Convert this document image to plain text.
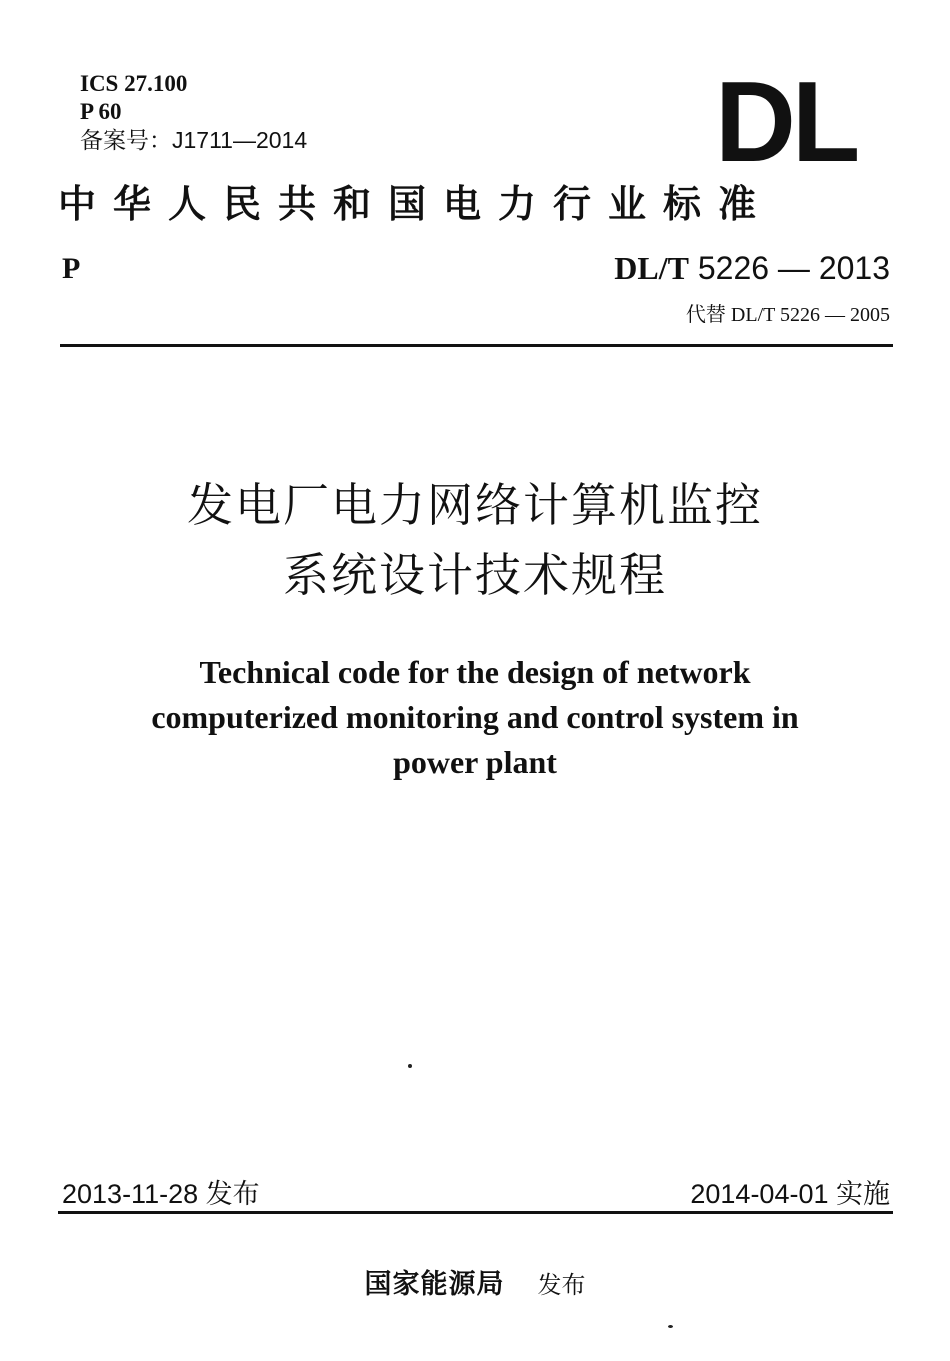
ICS 27.100
P 60
备案号：J1711—2014	DL
中华人民共和国电力行业标准
P	DL/T 5226 — 2013
代替 DL/T 5226 — 2005
发电厂电力网络计算机监控
系统设计技术规程
Technical code for the design of network
computerized monitoring and control system in
power plant
2013-11-28 发布	2014-04-01 实施
国家能源局 发布
